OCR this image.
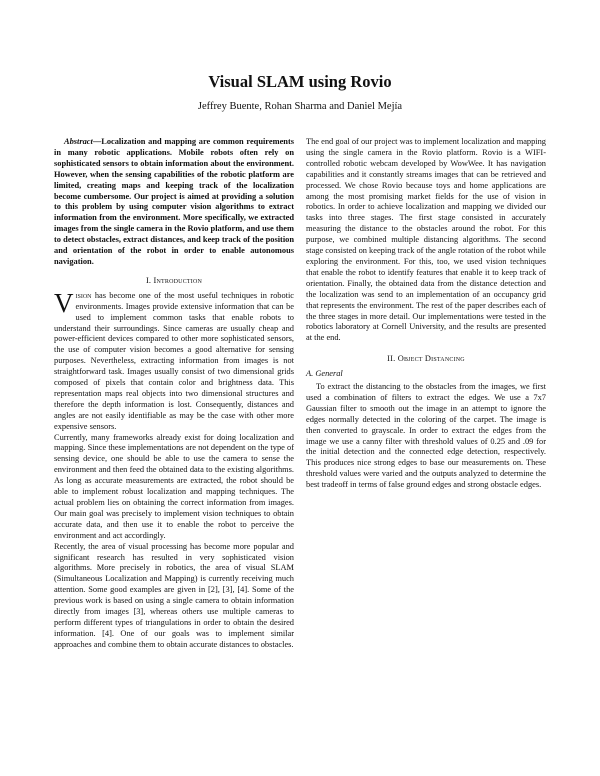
Visual SLAM using Rovio
Jeffrey Buente, Rohan Sharma and Daniel Mejía

Abstract—Localization and mapping are common requirements in many robotic applications. Mobile robots often rely on sophisticated sensors to obtain information about the environment. However, when the sensing capabilities of the robotic platform are limited, creating maps and keeping track of the localization become cumbersome. Our project is aimed at providing a solution to this problem by using computer vision algorithms to extract information from the environment. More specifically, we extracted images from the single camera in the Rovio platform, and use them to detect obstacles, extract distances, and keep track of the position and orientation of the robot in order to enable autonomous navigation.

I. Introduction

Vision has become one of the most useful techniques in robotic environments. Images provide extensive information that can be used to implement common tasks that enable robots to understand their surroundings. Since cameras are usually cheap and power-efficient devices compared to other more sophisticated sensors, the use of computer vision becomes a good alternative for sensing purposes. Nevertheless, extracting information from images is not straightforward task. Images usually consist of two dimensional grids composed of pixels that contain color and brightness data. This representation maps real objects into two dimensional structures and therefore the depth information is lost. Consequently, distances and angles are not easily identifiable as may be the case with other more expensive sensors.

Currently, many frameworks already exist for doing localization and mapping. Since these implementations are not dependent on the type of sensing device, one should be able to use the camera to sense the environment and then feed the obtained data to the existing algorithms. As long as accurate measurements are extracted, the robot should be able to implement robust localization and mapping techniques. The actual problem lies on obtaining the correct information from images. Our main goal was precisely to implement vision techniques to obtain accurate data, and then use it to enable the robot to perceive the environment and act accordingly.

Recently, the area of visual processing has become more popular and significant research has resulted in very sophisticated vision algorithms. More precisely in robotics, the area of visual SLAM (Simultaneous Localization and Mapping) is currently receiving much attention. Some good examples are given in [2], [3], [4]. Some of the previous work is based on using a single camera to obtain information directly from images [3], whereas others use multiple cameras to perform different types of triangulations in order to obtain the desired information. [4]. One of our goals was to implement similar approaches and combine them to obtain accurate distances to obstacles.

The end goal of our project was to implement localization and mapping using the single camera in the Rovio platform. Rovio is a WIFI-controlled robotic webcam developed by WowWee. It has navigation capabilities and it constantly streams images that can be retrieved and processed. We chose Rovio because toys and home applications are among the most promising market fields for the use of vision in robotics. In order to achieve localization and mapping we divided our tasks into three stages. The first stage consisted in accurately measuring the distance to the obstacles around the robot. For this purpose, we combined multiple distancing algorithms. The second stage consisted on keeping track of the angle rotation of the robot while exploring the environment. For this, too, we used vision techniques that enable the robot to identify features that enable it to keep track of orientation. Finally, the obtained data from the distance detection and the localization was send to an implementation of an occupancy grid that represents the environment. The rest of the paper describes each of the three stages in more detail. Our implementations were tested in the robotics laboratory at Cornell University, and the results are presented at the end.

II. Object Distancing
A. General

To extract the distancing to the obstacles from the images, we first used a combination of filters to extract the edges. We use a 7x7 Gaussian filter to smooth out the image in an attempt to ignore the edges normally detected in the coloring of the carpet. The image is then converted to grayscale. In order to extract the edges from the image we use a canny filter with threshold values of 0.25 and .09 for the initial detection and the connected edge detection, respectively. This produces nice strong edges to base our measurements on. These threshold values were varied and the outputs analyzed to determine the best tradeoff in terms of false ground edges and strong obstacle edges.
